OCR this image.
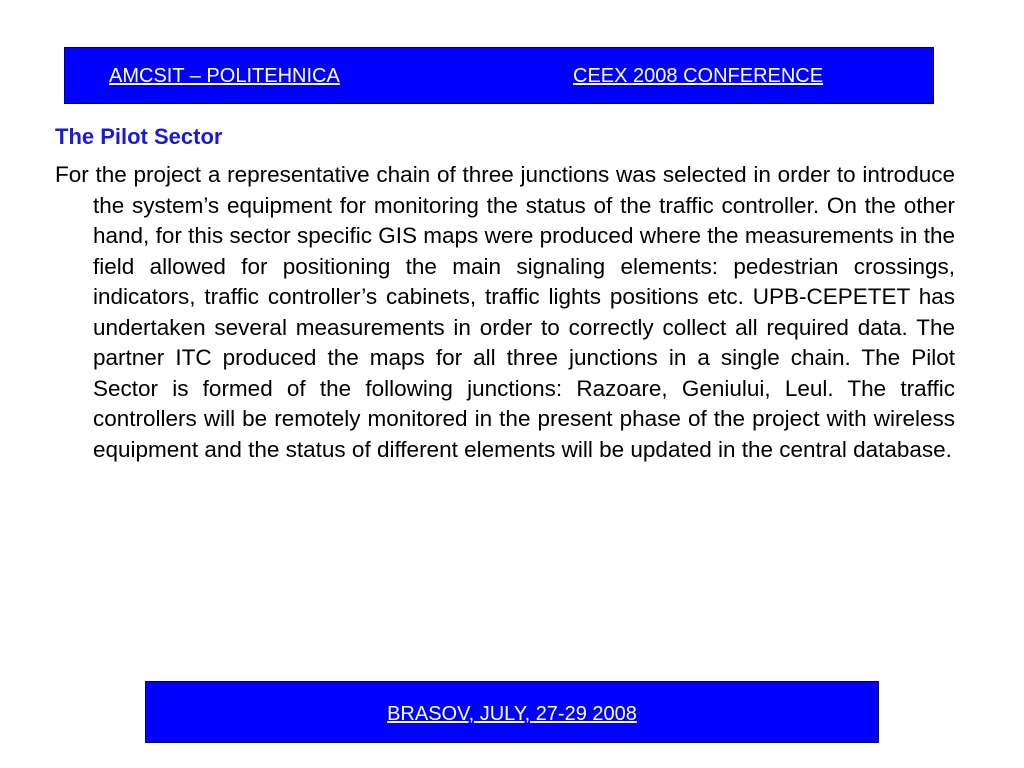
AMCSIT – POLITEHNICA	CEEX 2008 CONFERENCE
The Pilot Sector

For the project a representative chain of three junctions was selected in order to introduce the system’s equipment for monitoring the status of the traffic controller. On the other hand, for this sector specific GIS maps were produced where the measurements in the field allowed for positioning the main signaling elements: pedestrian crossings, indicators, traffic controller’s cabinets, traffic lights positions etc. UPB-CEPETET has undertaken several measurements in order to correctly collect all required data. The partner ITC produced the maps for all three junctions in a single chain. The Pilot Sector is formed of the following junctions: Razoare, Geniului, Leul. The traffic controllers will be remotely monitored in the present phase of the project with wireless equipment and the status of different elements will be updated in the central database.

BRASOV, JULY, 27-29 2008
